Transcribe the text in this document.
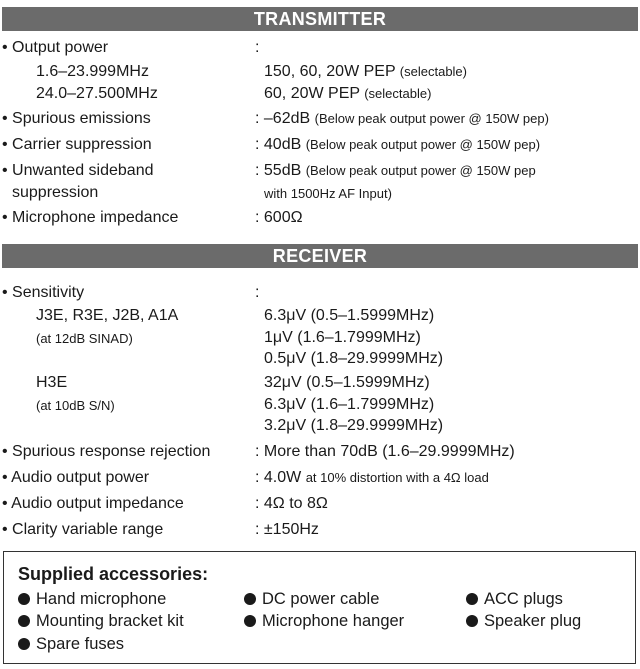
TRANSMITTER
• Output power	:
1.6–23.999MHz	150, 60, 20W PEP (selectable)
24.0–27.500MHz	60, 20W PEP (selectable)
• Spurious emissions	: –62dB (Below peak output power @ 150W pep)
• Carrier suppression	: 40dB (Below peak output power @ 150W pep)
• Unwanted sideband	: 55dB (Below peak output power @ 150W pep
suppression	with 1500Hz AF Input)
• Microphone impedance	: 600Ω
RECEIVER
• Sensitivity	:
J3E, R3E, J2B, A1A	6.3μV (0.5–1.5999MHz)
(at 12dB SINAD)	1μV (1.6–1.7999MHz)
0.5μV (1.8–29.9999MHz)
H3E	32μV (0.5–1.5999MHz)
(at 10dB S/N)	6.3μV (1.6–1.7999MHz)
3.2μV (1.8–29.9999MHz)
• Spurious response rejection	: More than 70dB (1.6–29.9999MHz)
• Audio output power	: 4.0W at 10% distortion with a 4Ω load
• Audio output impedance	: 4Ω to 8Ω
• Clarity variable range	: ±150Hz
Supplied accessories:
Hand microphone	DC power cable	ACC plugs
Mounting bracket kit	Microphone hanger	Speaker plug
Spare fuses
